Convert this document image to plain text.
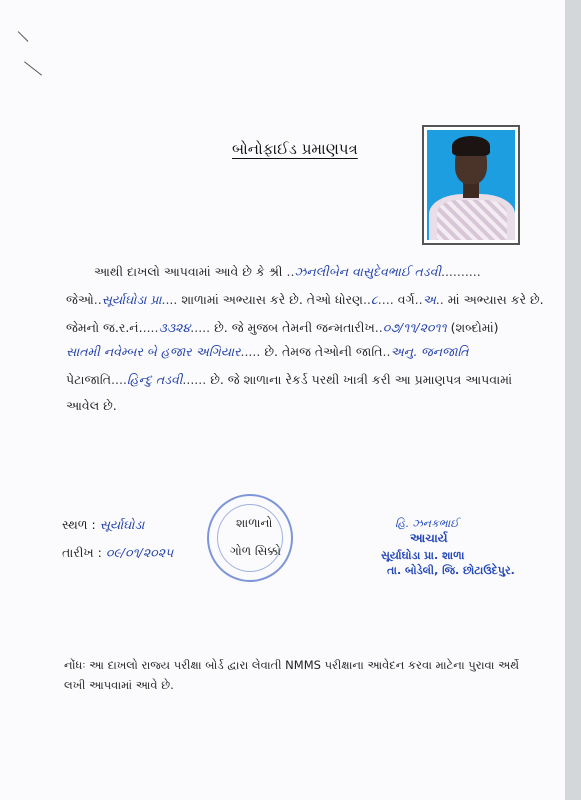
બોનોફાઈડ પ્રમાણપત્ર
આથી દાખલો આપવામાં આવે છે કે શ્રી ..ઝનલીબેન વાસુદેવભાઈ તડવી..........
જેઓ..સૂર્યાઘોડા પ્રા.... શાળામાં અભ્યાસ કરે છે. તેઓ ધોરણ..૮.... વર્ગ..અ.. માં અભ્યાસ કરે છે.
જેમનો જ.ર.નં.....૩૩૨૪..... છે. જે મુજબ તેમની જન્મતારીખ..૦૭/૧૧/૨૦૧૧ (શબ્દોમાં)
સાતમી નવેમ્બર બે હજાર અગિયાર..... છે. તેમજ તેઓની જાતિ..અનુ. જનજાતિ
પેટાજાતિ....હિન્દુ તડવી...... છે. જે શાળાના રેકર્ડ પરથી ખાત્રી કરી આ પ્રમાણપત્ર આપવામાં
આવેલ છે.
સ્થળ : સૂર્યાઘોડા
તારીખ : ૦૯/૦૧/૨૦૨૫
શાળાનો
ગોળ સિક્કો
હિ. ઝનકભાઈ
આચાર્ય
સૂર્યાઘોડા પ્રા. શાળા
તા. બોડેલી, જિ. છોટાઉદેપુર.
નોંધઃ આ દાખલો રાજ્ય પરીક્ષા બોર્ડ દ્વારા લેવાતી NMMS પરીક્ષાના આવેદન કરવા માટેના પુરાવા અર્થે લખી આપવામાં આવે છે.
